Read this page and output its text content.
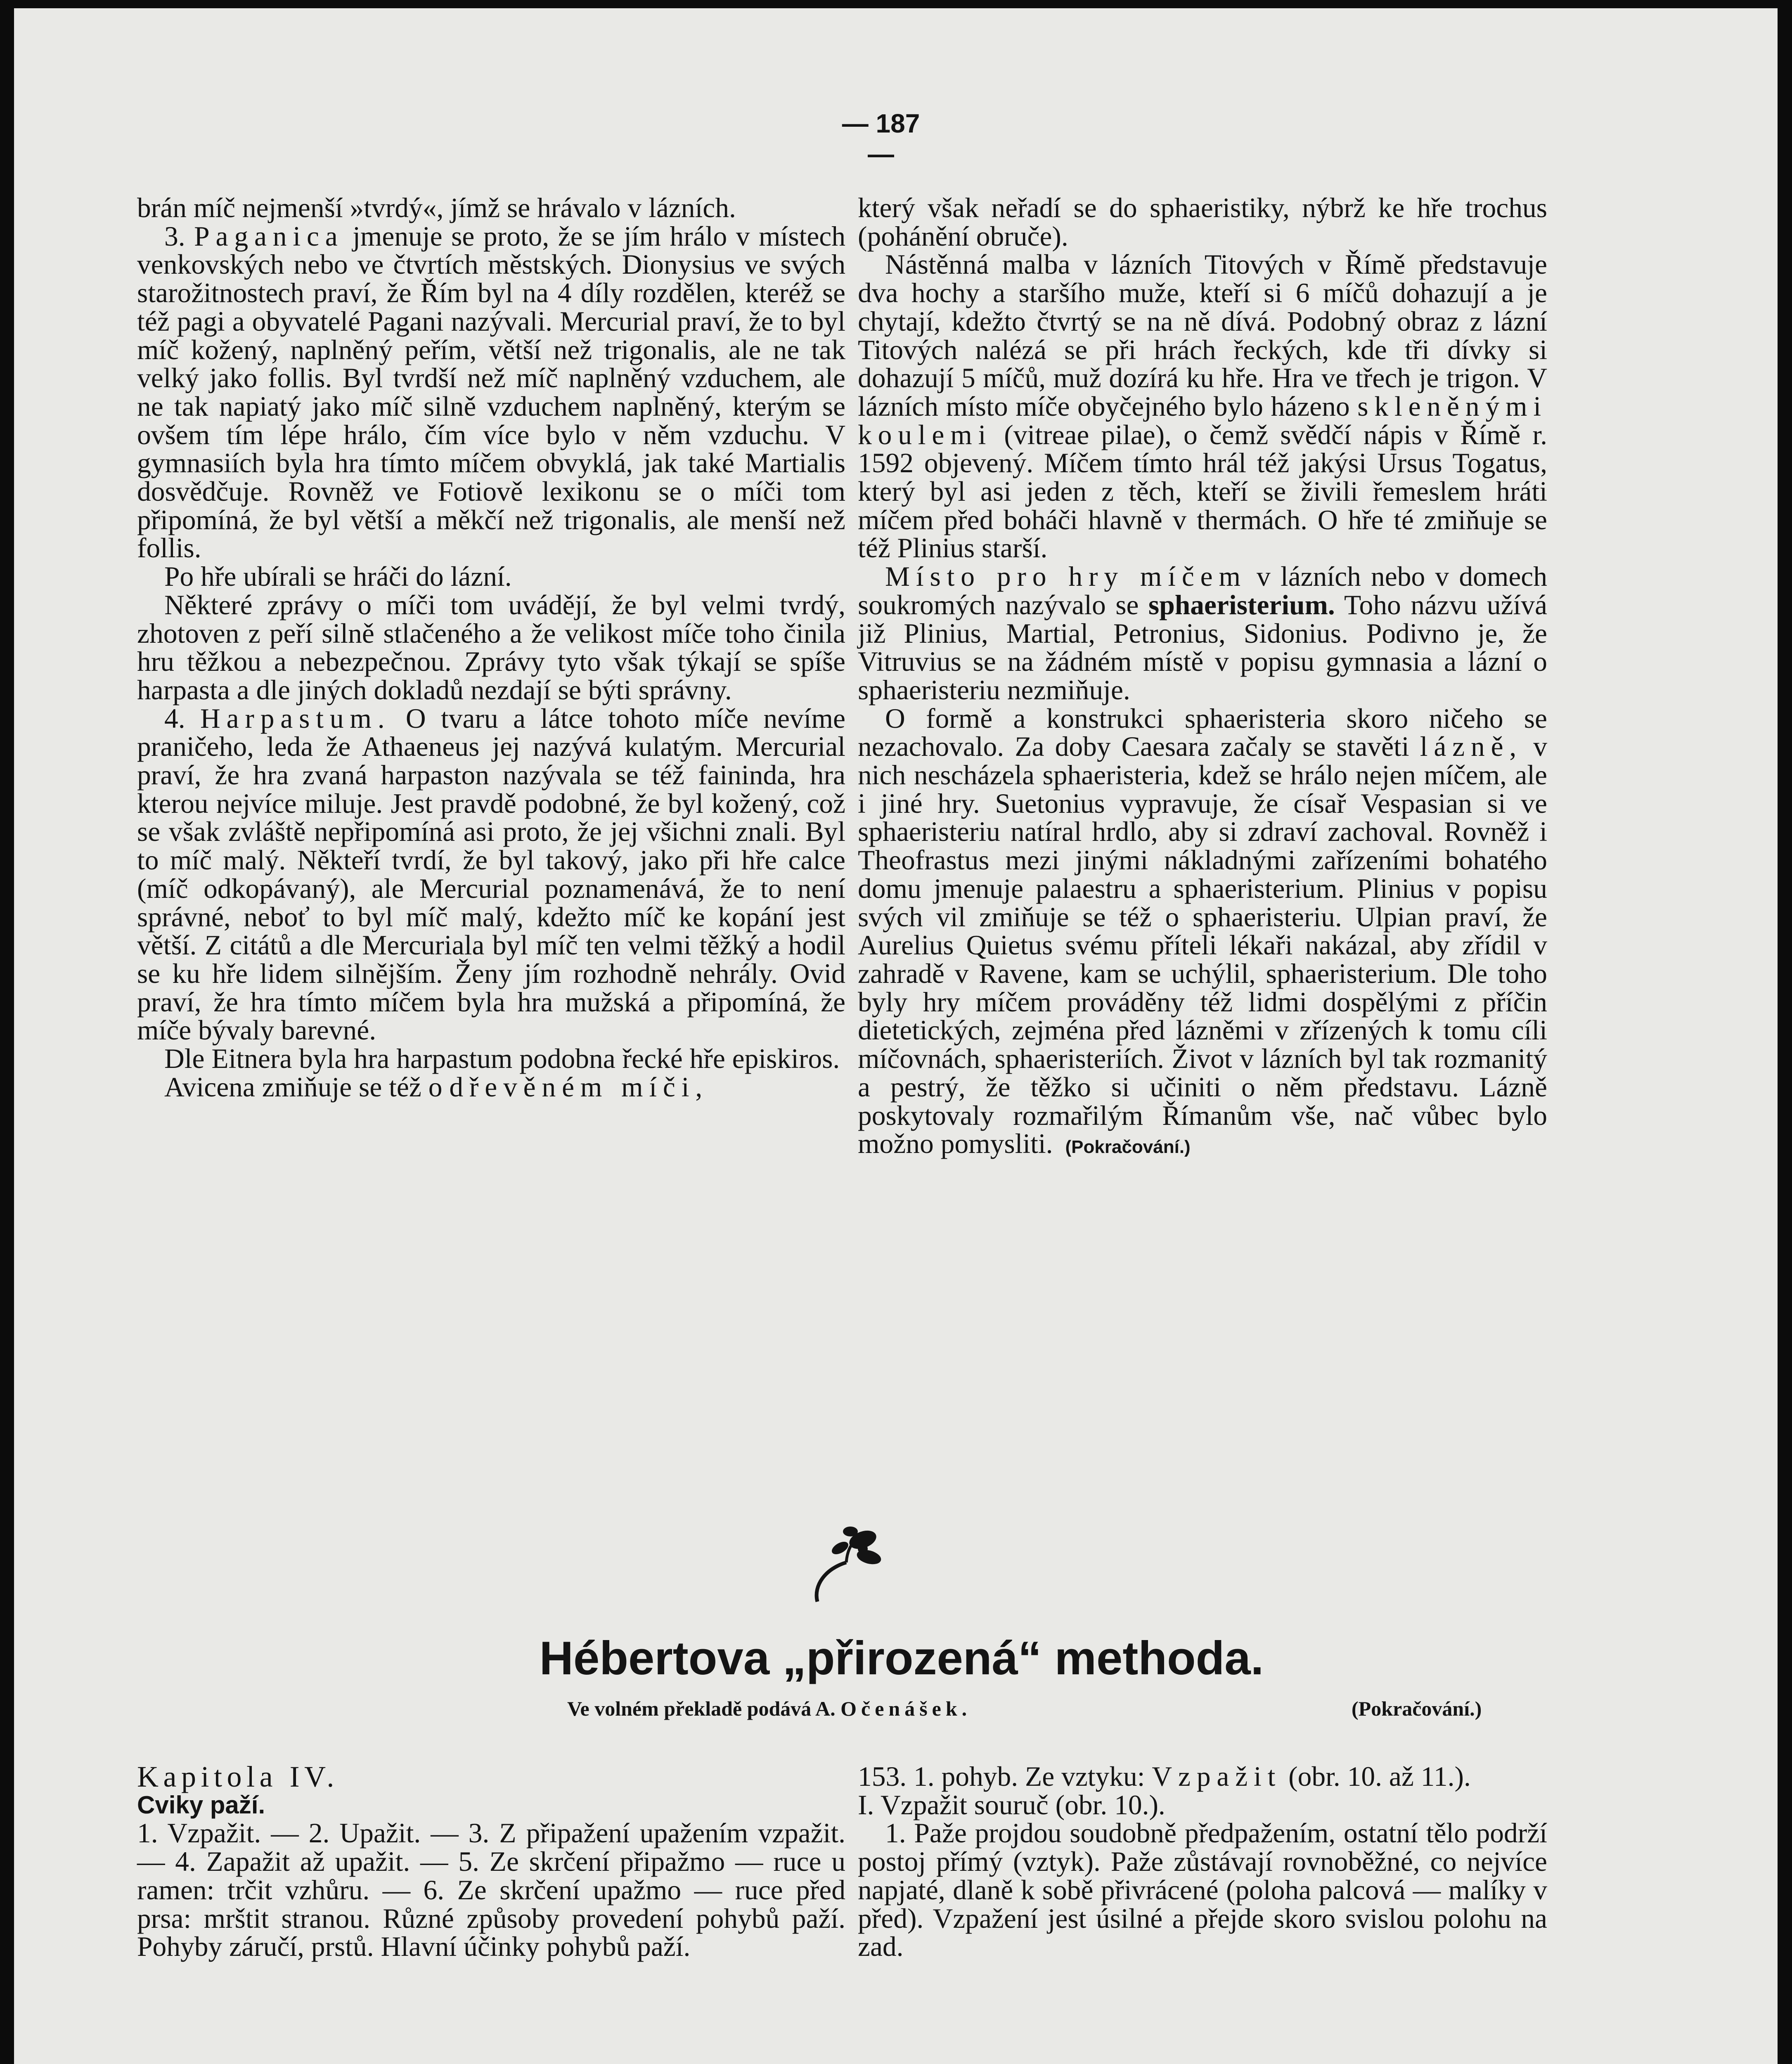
— 187 —

brán míč nejmenší »tvrdý«, jímž se hrávalo v lázních.

3. Paganica jmenuje se proto, že se jím hrálo v místech venkovských nebo ve čtvrtích městských. Dionysius ve svých starožitnostech praví, že Řím byl na 4 díly rozdělen, kteréž se též pagi a obyvatelé Pagani nazývali. Mercurial praví, že to byl míč kožený, naplněný peřím, větší než trigonalis, ale ne tak velký jako follis. Byl tvrdší než míč naplněný vzduchem, ale ne tak napiatý jako míč silně vzduchem naplněný, kterým se ovšem tím lépe hrálo, čím více bylo v něm vzduchu. V gymnasiích byla hra tímto míčem obvyklá, jak také Martialis dosvědčuje. Rovněž ve Fotiově lexikonu se o míči tom připomíná, že byl větší a měkčí než trigonalis, ale menší než follis.

Po hře ubírali se hráči do lázní.

Některé zprávy o míči tom uvádějí, že byl velmi tvrdý, zhotoven z peří silně stlačeného a že velikost míče toho činila hru těžkou a nebezpečnou. Zprávy tyto však týkají se spíše harpasta a dle jiných dokladů nezdají se býti správny.

4. Harpastum. O tvaru a látce tohoto míče nevíme praničeho, leda že Athaeneus jej nazývá kulatým. Mercurial praví, že hra zvaná harpaston nazývala se též faininda, hra kterou nejvíce miluje. Jest pravdě podobné, že byl kožený, což se však zvláště nepřipomíná asi proto, že jej všichni znali. Byl to míč malý. Někteří tvrdí, že byl takový, jako při hře calce (míč odkopávaný), ale Mercurial poznamenává, že to není správné, neboť to byl míč malý, kdežto míč ke kopání jest větší. Z citátů a dle Mercuriala byl míč ten velmi těžký a hodil se ku hře lidem silnějším. Ženy jím rozhodně nehrály. Ovid praví, že hra tímto míčem byla hra mužská a připomíná, že míče bývaly barevné.

Dle Eitnera byla hra harpastum podobna řecké hře episkiros.

Avicena zmiňuje se též o dřevěném míči,

který však neřadí se do sphaeristiky, nýbrž ke hře trochus (pohánění obruče).

Nástěnná malba v lázních Titových v Římě představuje dva hochy a staršího muže, kteří si 6 míčů dohazují a je chytají, kdežto čtvrtý se na ně dívá. Podobný obraz z lázní Titových nalézá se při hrách řeckých, kde tři dívky si dohazují 5 míčů, muž dozírá ku hře. Hra ve třech je trigon. V lázních místo míče obyčejného bylo házeno skleněnými koulemi (vitreae pilae), o čemž svědčí nápis v Římě r. 1592 objevený. Míčem tímto hrál též jakýsi Ursus Togatus, který byl asi jeden z těch, kteří se živili řemeslem hráti míčem před boháči hlavně v thermách. O hře té zmiňuje se též Plinius starší.

Místo pro hry míčem v lázních nebo v domech soukromých nazývalo se sphaeristerium. Toho názvu užívá již Plinius, Martial, Petronius, Sidonius. Podivno je, že Vitruvius se na žádném místě v popisu gymnasia a lázní o sphaeristeriu nezmiňuje.

O formě a konstrukci sphaeristeria skoro ničeho se nezachovalo. Za doby Caesara začaly se stavěti lázně, v nich nescházela sphaeristeria, kdež se hrálo nejen míčem, ale i jiné hry. Suetonius vypravuje, že císař Vespasian si ve sphaeristeriu natíral hrdlo, aby si zdraví zachoval. Rovněž i Theofrastus mezi jinými nákladnými zařízeními bohatého domu jmenuje palaestru a sphaeristerium. Plinius v popisu svých vil zmiňuje se též o sphaeristeriu. Ulpian praví, že Aurelius Quietus svému příteli lékaři nakázal, aby zřídil v zahradě v Ravene, kam se uchýlil, sphaeristerium. Dle toho byly hry míčem prováděny též lidmi dospělými z příčin dietetických, zejména před lázněmi v zřízených k tomu cíli míčovnách, sphaeristeriích. Život v lázních byl tak rozmanitý a pestrý, že těžko si učiniti o něm představu. Lázně poskytovaly rozmařilým Římanům vše, nač vůbec bylo možno pomysliti. (Pokračování.)

Hébertova „přirozená“ methoda.
Ve volném překladě podává A. Očenášek.	(Pokračování.)

Kapitola IV.

Cviky paží.

1. Vzpažit. — 2. Upažit. — 3. Z připažení upažením vzpažit. — 4. Zapažit až upažit. — 5. Ze skrčení připažmo — ruce u ramen: trčit vzhůru. — 6. Ze skrčení upažmo — ruce před prsa: mrštit stranou. Různé způsoby provedení pohybů paží. Pohyby záručí, prstů. Hlavní účinky pohybů paží.

153. 1. pohyb. Ze vztyku: Vzpažit (obr. 10. až 11.).

I. Vzpažit souruč (obr. 10.).

1. Paže projdou soudobně předpažením, ostatní tělo podrží postoj přímý (vztyk). Paže zůstávají rovnoběžné, co nejvíce napjaté, dlaně k sobě přivrácené (poloha palcová — malíky v před). Vzpažení jest úsilné a přejde skoro svislou polohu na zad.
